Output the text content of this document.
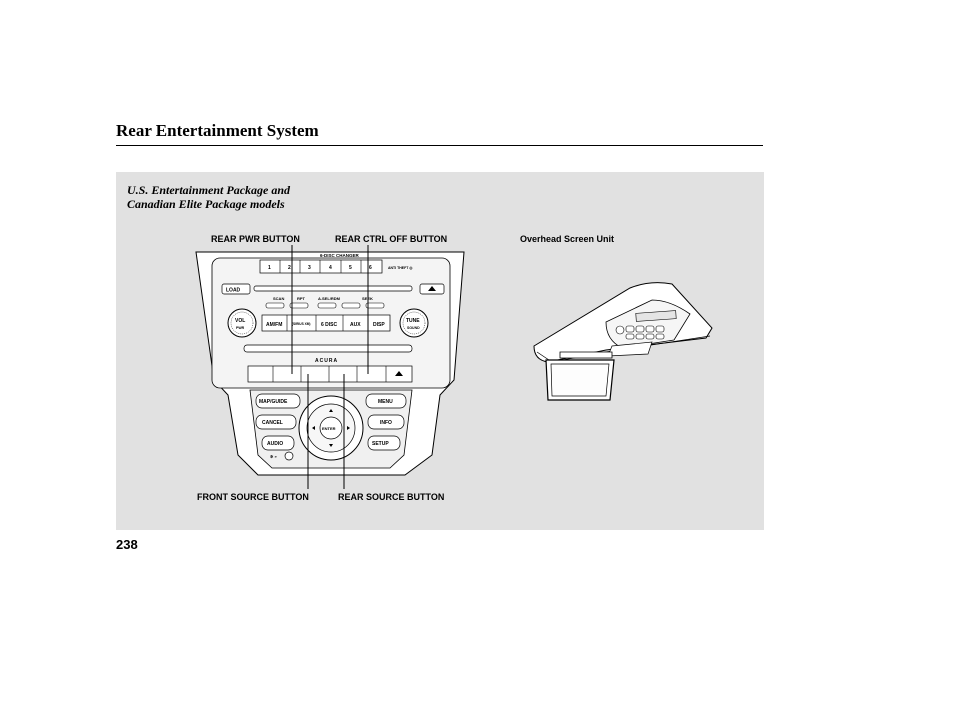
Rear Entertainment System
U.S. Entertainment Package and
Canadian Elite Package models
REAR PWR BUTTON	REAR CTRL OFF BUTTON	Overhead Screen Unit
FRONT SOURCE BUTTON	REAR SOURCE BUTTON
6-DISC CHANGER
1	2	3	4	5	6	ANTI THEFT ◎
LOAD
SCAN	RPT	A.SEL/RDM	SEEK
AM/FM	(SIRIUS XM) 6 DISC	AUX DISP
VOL
PWR
TUNE
SOUND
ACURA
MAP/GUIDE
CANCEL
AUDIO
MENU
INFO
SETUP
ENTER
✲ »
238
